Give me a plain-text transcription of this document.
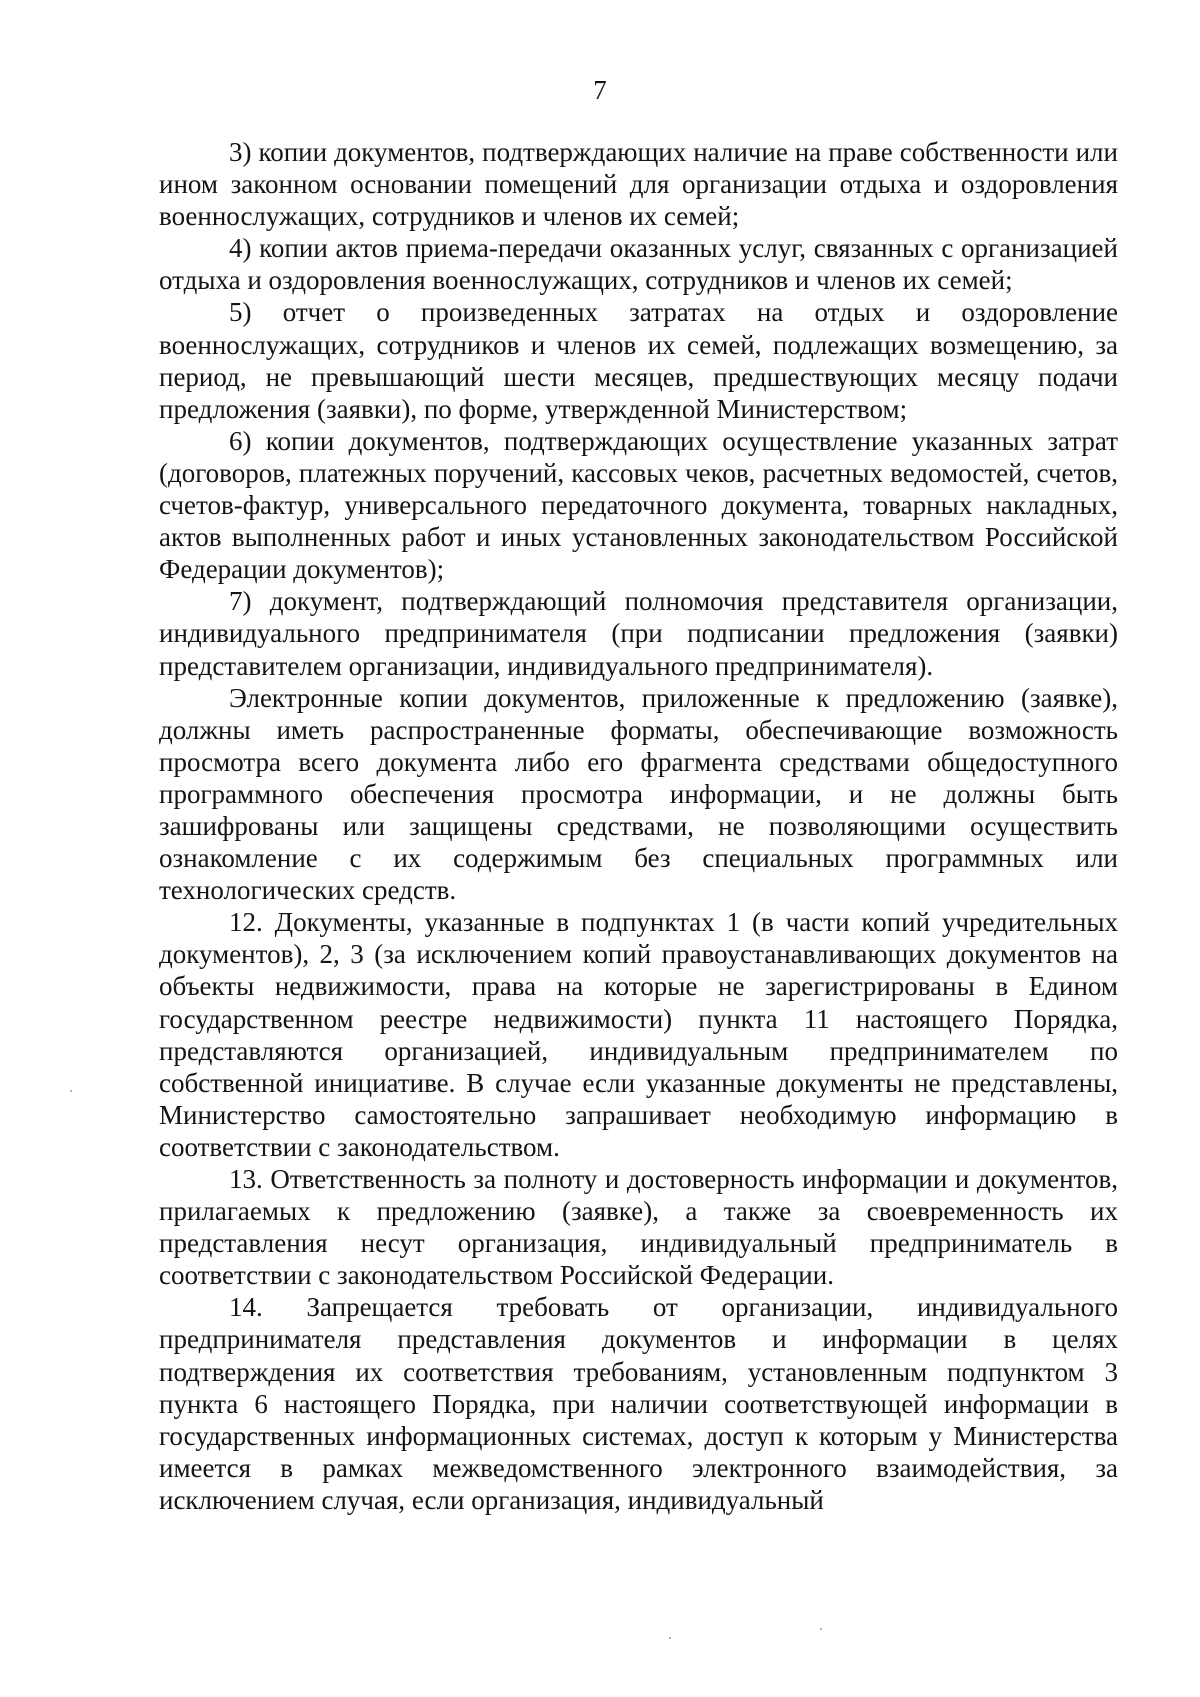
7

3) копии документов, подтверждающих наличие на праве собственности или ином законном основании помещений для организации отдыха и оздоровления военнослужащих, сотрудников и членов их семей;

4) копии актов приема-передачи оказанных услуг, связанных с организацией отдыха и оздоровления военнослужащих, сотрудников и членов их семей;

5) отчет о произведенных затратах на отдых и оздоровление военнослужащих, сотрудников и членов их семей, подлежащих возмещению, за период, не превышающий шести месяцев, предшествующих месяцу подачи предложения (заявки), по форме, утвержденной Министерством;

6) копии документов, подтверждающих осуществление указанных затрат (договоров, платежных поручений, кассовых чеков, расчетных ведомостей, счетов, счетов-фактур, универсального передаточного документа, товарных накладных, актов выполненных работ и иных установленных законодательством Российской Федерации документов);

7) документ, подтверждающий полномочия представителя организации, индивидуального предпринимателя (при подписании предложения (заявки) представителем организации, индивидуального предпринимателя).

Электронные копии документов, приложенные к предложению (заявке), должны иметь распространенные форматы, обеспечивающие возможность просмотра всего документа либо его фрагмента средствами общедоступного программного обеспечения просмотра информации, и не должны быть зашифрованы или защищены средствами, не позволяющими осуществить ознакомление с их содержимым без специальных программных или технологических средств.

12. Документы, указанные в подпунктах 1 (в части копий учредительных документов), 2, 3 (за исключением копий правоустанавливающих документов на объекты недвижимости, права на которые не зарегистрированы в Едином государственном реестре недвижимости) пункта 11 настоящего Порядка, представляются организацией, индивидуальным предпринимателем по собственной инициативе. В случае если указанные документы не представлены, Министерство самостоятельно запрашивает необходимую информацию в соответствии с законодательством.

13. Ответственность за полноту и достоверность информации и документов, прилагаемых к предложению (заявке), а также за своевременность их представления несут организация, индивидуальный предприниматель в соответствии с законодательством Российской Федерации.

14. Запрещается требовать от организации, индивидуального предпринимателя представления документов и информации в целях подтверждения их соответствия требованиям, установленным подпунктом 3 пункта 6 настоящего Порядка, при наличии соответствующей информации в государственных информационных системах, доступ к которым у Министерства имеется в рамках межведомственного электронного взаимодействия, за исключением случая, если организация, индивидуальный
